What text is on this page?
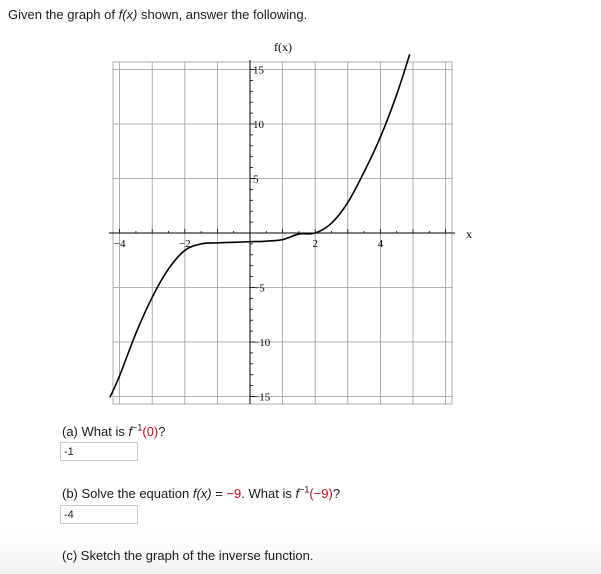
Given the graph of f(x) shown, answer the following.
−4	−2	2	4
15
10
5
−5
−10
−15
f(x)
x
(a) What is $f^{-1}(0)$?
-1
(b) Solve the equation f(x) = −9. What is $f^{-1}(-9)$?
-4
(c) Sketch the graph of the inverse function.
